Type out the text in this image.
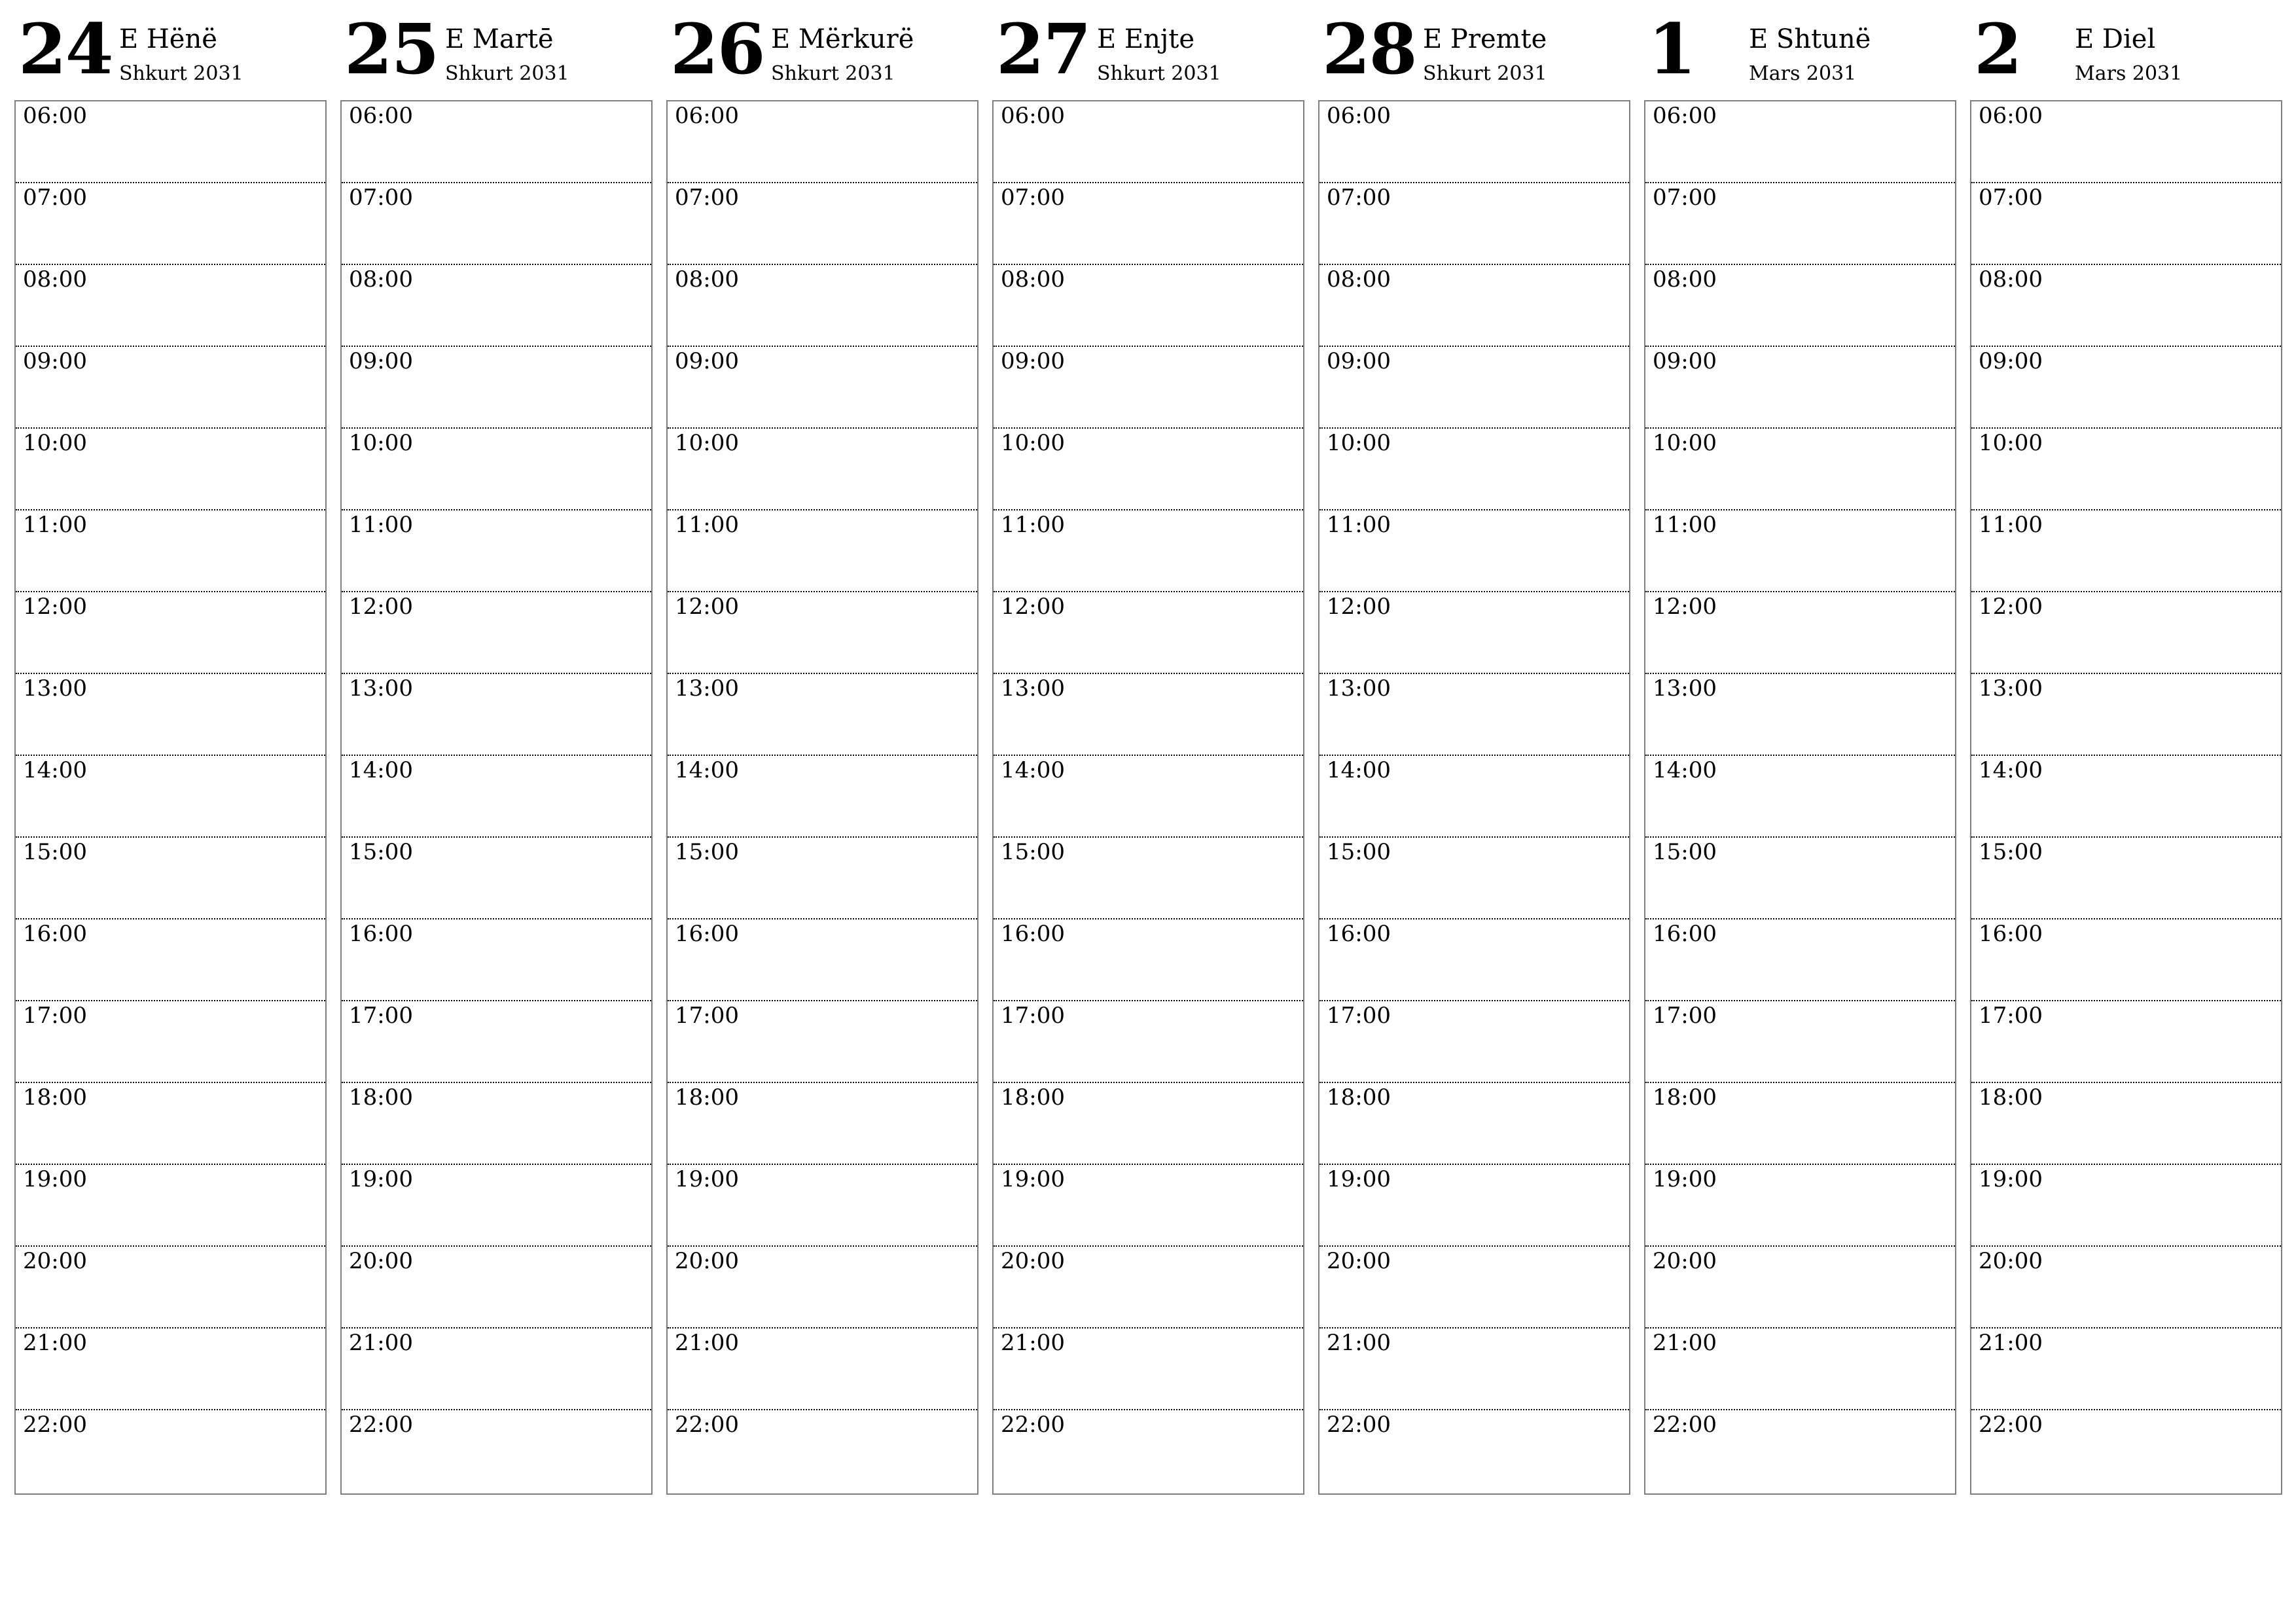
24 E Hënë
Shkurt 2031
06:00
07:00
08:00
09:00
10:00
11:00
12:00
13:00
14:00
15:00
16:00
17:00
18:00
19:00
20:00
21:00
22:00
25 E Martē
Shkurt 2031
06:00
07:00
08:00
09:00
10:00
11:00
12:00
13:00
14:00
15:00
16:00
17:00
18:00
19:00
20:00
21:00
22:00
26 E Mërkurë
Shkurt 2031
06:00
07:00
08:00
09:00
10:00
11:00
12:00
13:00
14:00
15:00
16:00
17:00
18:00
19:00
20:00
21:00
22:00
27 E Enjte
Shkurt 2031
06:00
07:00
08:00
09:00
10:00
11:00
12:00
13:00
14:00
15:00
16:00
17:00
18:00
19:00
20:00
21:00
22:00
28 E Premte
Shkurt 2031
06:00
07:00
08:00
09:00
10:00
11:00
12:00
13:00
14:00
15:00
16:00
17:00
18:00
19:00
20:00
21:00
22:00
1 E Shtunë
Mars 2031
06:00
07:00
08:00
09:00
10:00
11:00
12:00
13:00
14:00
15:00
16:00
17:00
18:00
19:00
20:00
21:00
22:00
2 E Diel
Mars 2031
06:00
07:00
08:00
09:00
10:00
11:00
12:00
13:00
14:00
15:00
16:00
17:00
18:00
19:00
20:00
21:00
22:00
